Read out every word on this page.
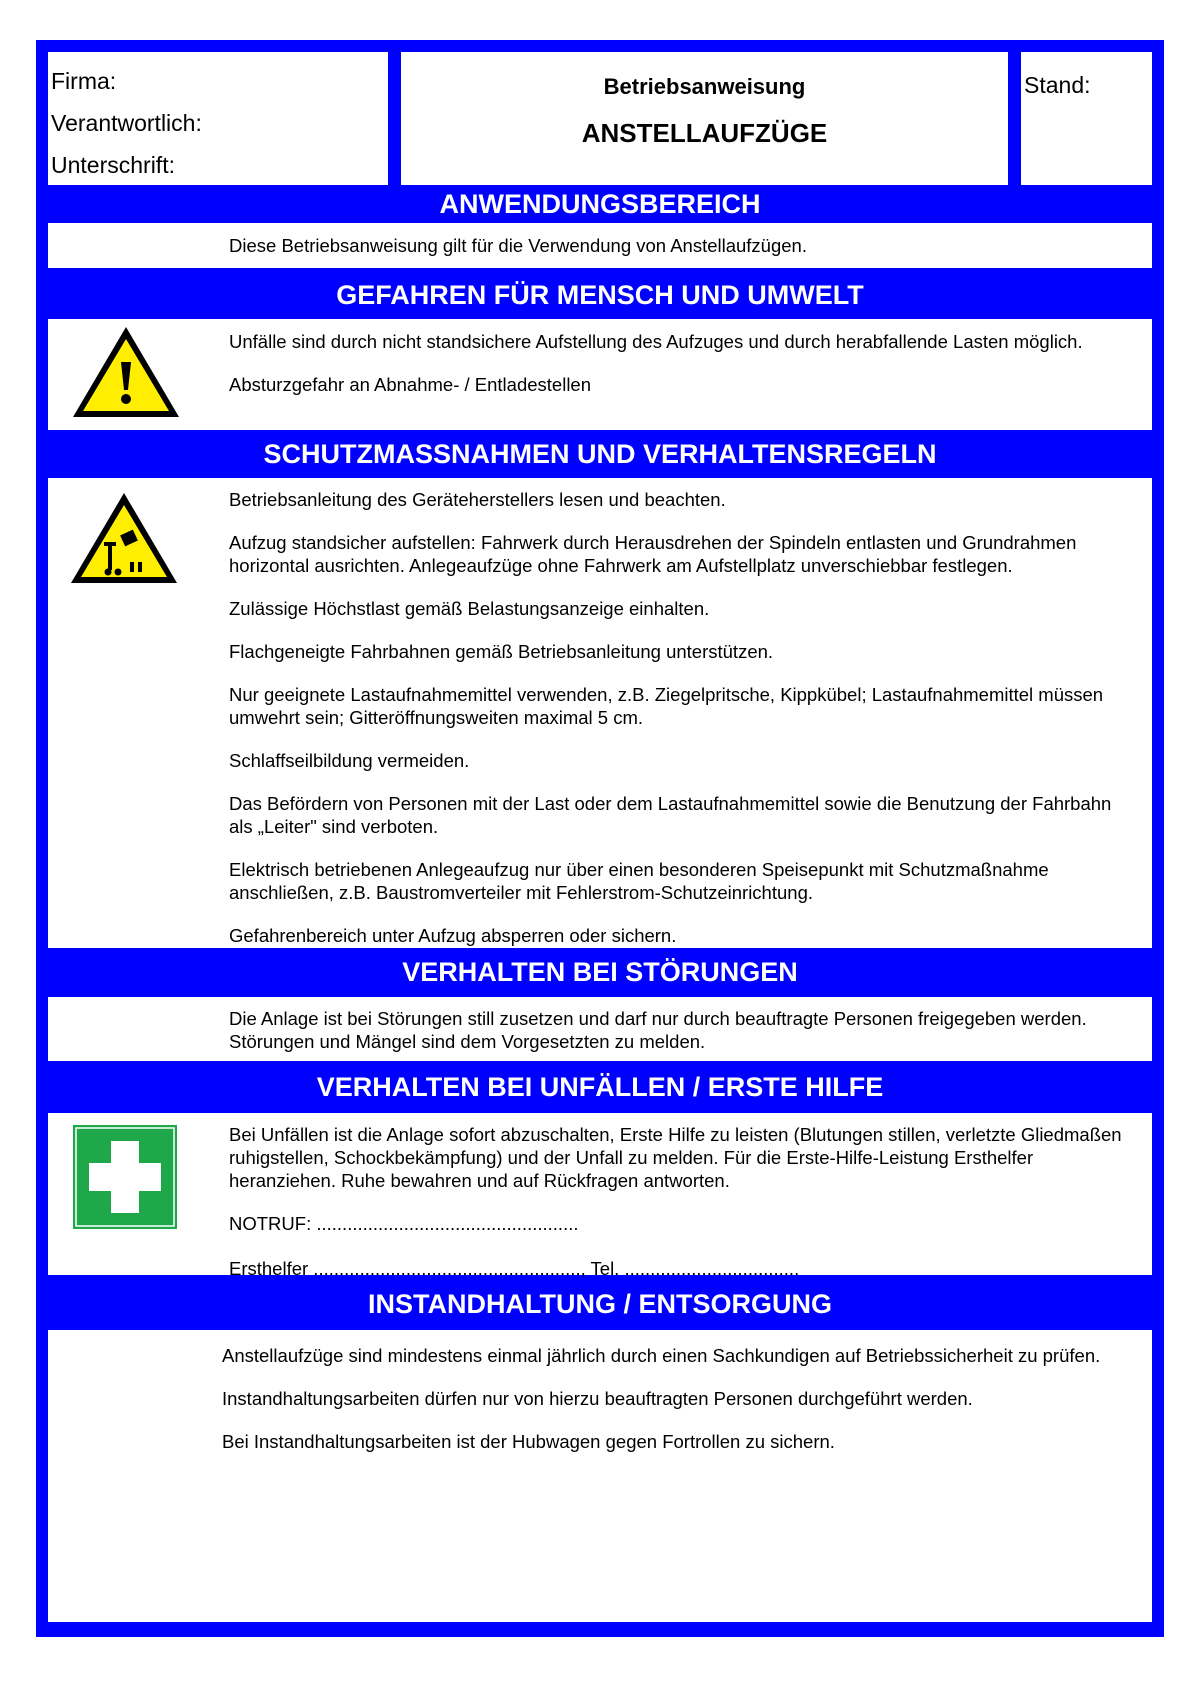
Firma:
Verantwortlich:
Unterschrift:
Betriebsanweisung
ANSTELLAUFZÜGE
Stand:
ANWENDUNGSBEREICH

Diese Betriebsanweisung gilt für die Verwendung von Anstellaufzügen.

GEFAHREN FÜR MENSCH UND UMWELT

Unfälle sind durch nicht standsichere Aufstellung des Aufzuges und durch herabfallende Lasten möglich.

Absturzgefahr an Abnahme- / Entladestellen

SCHUTZMASSNAHMEN UND VERHALTENSREGELN

Betriebsanleitung des Geräteherstellers lesen und beachten.

Aufzug standsicher aufstellen: Fahrwerk durch Herausdrehen der Spindeln entlasten und Grundrahmen horizontal ausrichten. Anlegeaufzüge ohne Fahrwerk am Aufstellplatz unverschiebbar festlegen.

Zulässige Höchstlast gemäß Belastungsanzeige einhalten.

Flachgeneigte Fahrbahnen gemäß Betriebsanleitung unterstützen.

Nur geeignete Lastaufnahmemittel verwenden, z.B. Ziegelpritsche, Kippkübel; Lastaufnahmemittel müssen umwehrt sein; Gitteröffnungsweiten maximal 5 cm.

Schlaffseilbildung vermeiden.

Das Befördern von Personen mit der Last oder dem Lastaufnahmemittel sowie die Benutzung der Fahrbahn als „Leiter" sind verboten.

Elektrisch betriebenen Anlegeaufzug nur über einen besonderen Speisepunkt mit Schutzmaßnahme anschließen, z.B. Baustromverteiler mit Fehlerstrom-Schutzeinrichtung.

Gefahrenbereich unter Aufzug absperren oder sichern.

VERHALTEN BEI STÖRUNGEN

Die Anlage ist bei Störungen still zusetzen und darf nur durch beauftragte Personen freigegeben werden. Störungen und Mängel sind dem Vorgesetzten zu melden.

VERHALTEN BEI UNFÄLLEN / ERSTE HILFE

Bei Unfällen ist die Anlage sofort abzuschalten, Erste Hilfe zu leisten (Blutungen stillen, verletzte Gliedmaßen ruhigstellen, Schockbekämpfung) und der Unfall zu melden. Für die Erste-Hilfe-Leistung Ersthelfer heranziehen. Ruhe bewahren und auf Rückfragen antworten.

NOTRUF: ...................................................

Ersthelfer ...................................................., Tel. ..................................

INSTANDHALTUNG / ENTSORGUNG

Anstellaufzüge sind mindestens einmal jährlich durch einen Sachkundigen auf Betriebssicherheit zu prüfen.

Instandhaltungsarbeiten dürfen nur von hierzu beauftragten Personen durchgeführt werden.

Bei Instandhaltungsarbeiten ist der Hubwagen gegen Fortrollen zu sichern.
